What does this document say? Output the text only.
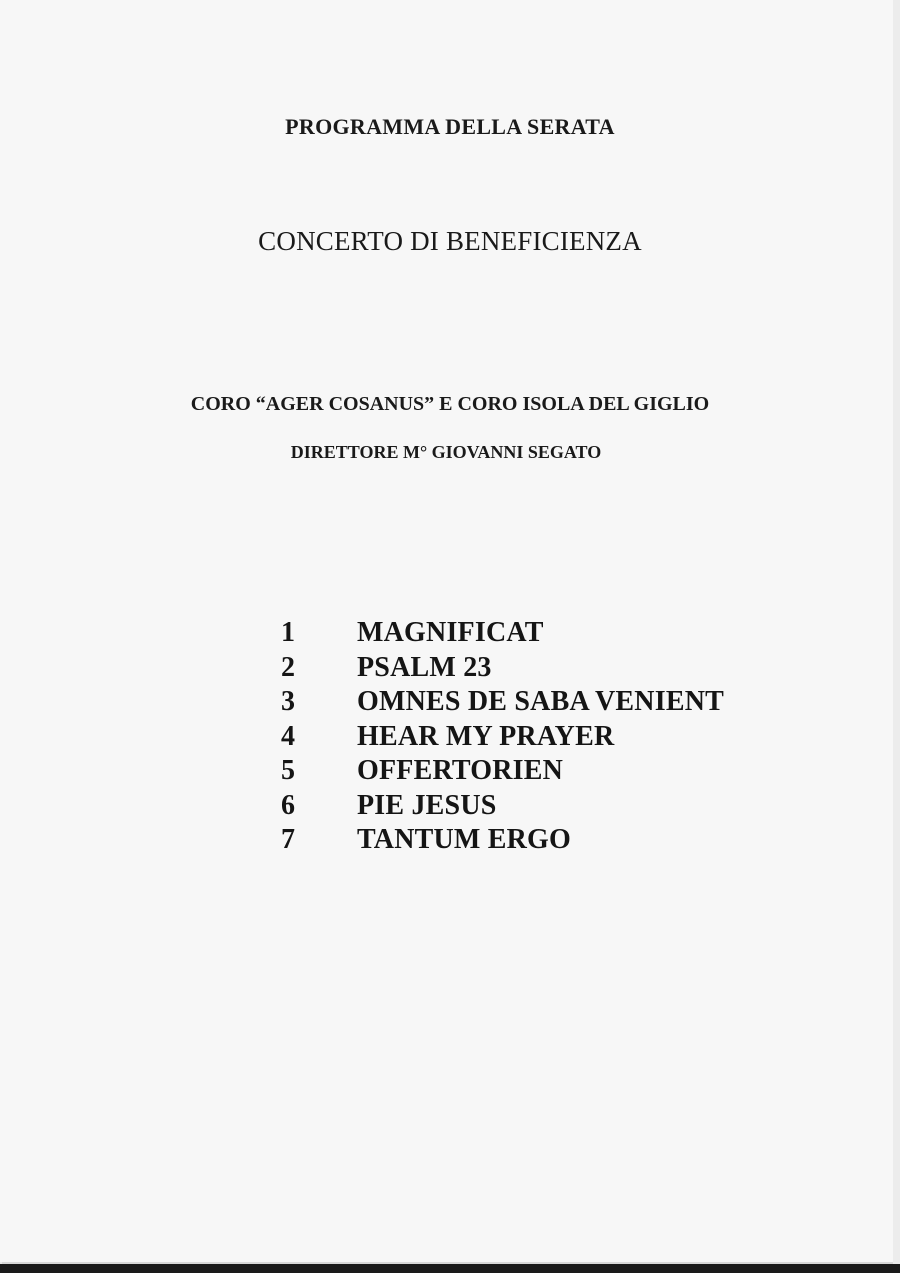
PROGRAMMA DELLA SERATA
CONCERTO DI BENEFICIENZA
CORO “AGER COSANUS” E CORO ISOLA DEL GIGLIO
DIRETTORE M° GIOVANNI SEGATO
1	MAGNIFICAT
2	PSALM 23
3	OMNES DE SABA VENIENT
4	HEAR MY PRAYER
5	OFFERTORIEN
6	PIE JESUS
7	TANTUM ERGO
